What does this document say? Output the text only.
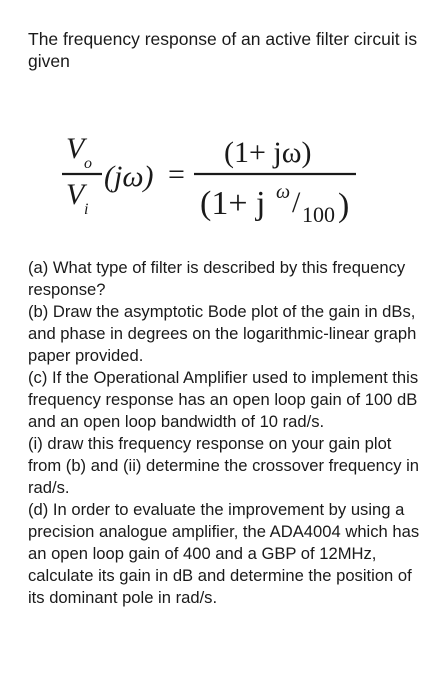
The frequency response of an active filter circuit is given
V o
V i
(jω) =
(1+ jω)
(1+ j ω / 100 )

(a) What type of filter is described by this frequency response?

(b) Draw the asymptotic Bode plot of the gain in dBs, and phase in degrees on the logarithmic-linear graph paper provided.

(c) If the Operational Amplifier used to implement this frequency response has an open loop gain of 100 dB and an open loop bandwidth of 10 rad/s.

(i) draw this frequency response on your gain plot from (b) and (ii) determine the crossover frequency in rad/s.

(d) In order to evaluate the improvement by using a precision analogue amplifier, the ADA4004 which has an open loop gain of 400 and a GBP of 12MHz, calculate its gain in dB and determine the position of its dominant pole in rad/s.
